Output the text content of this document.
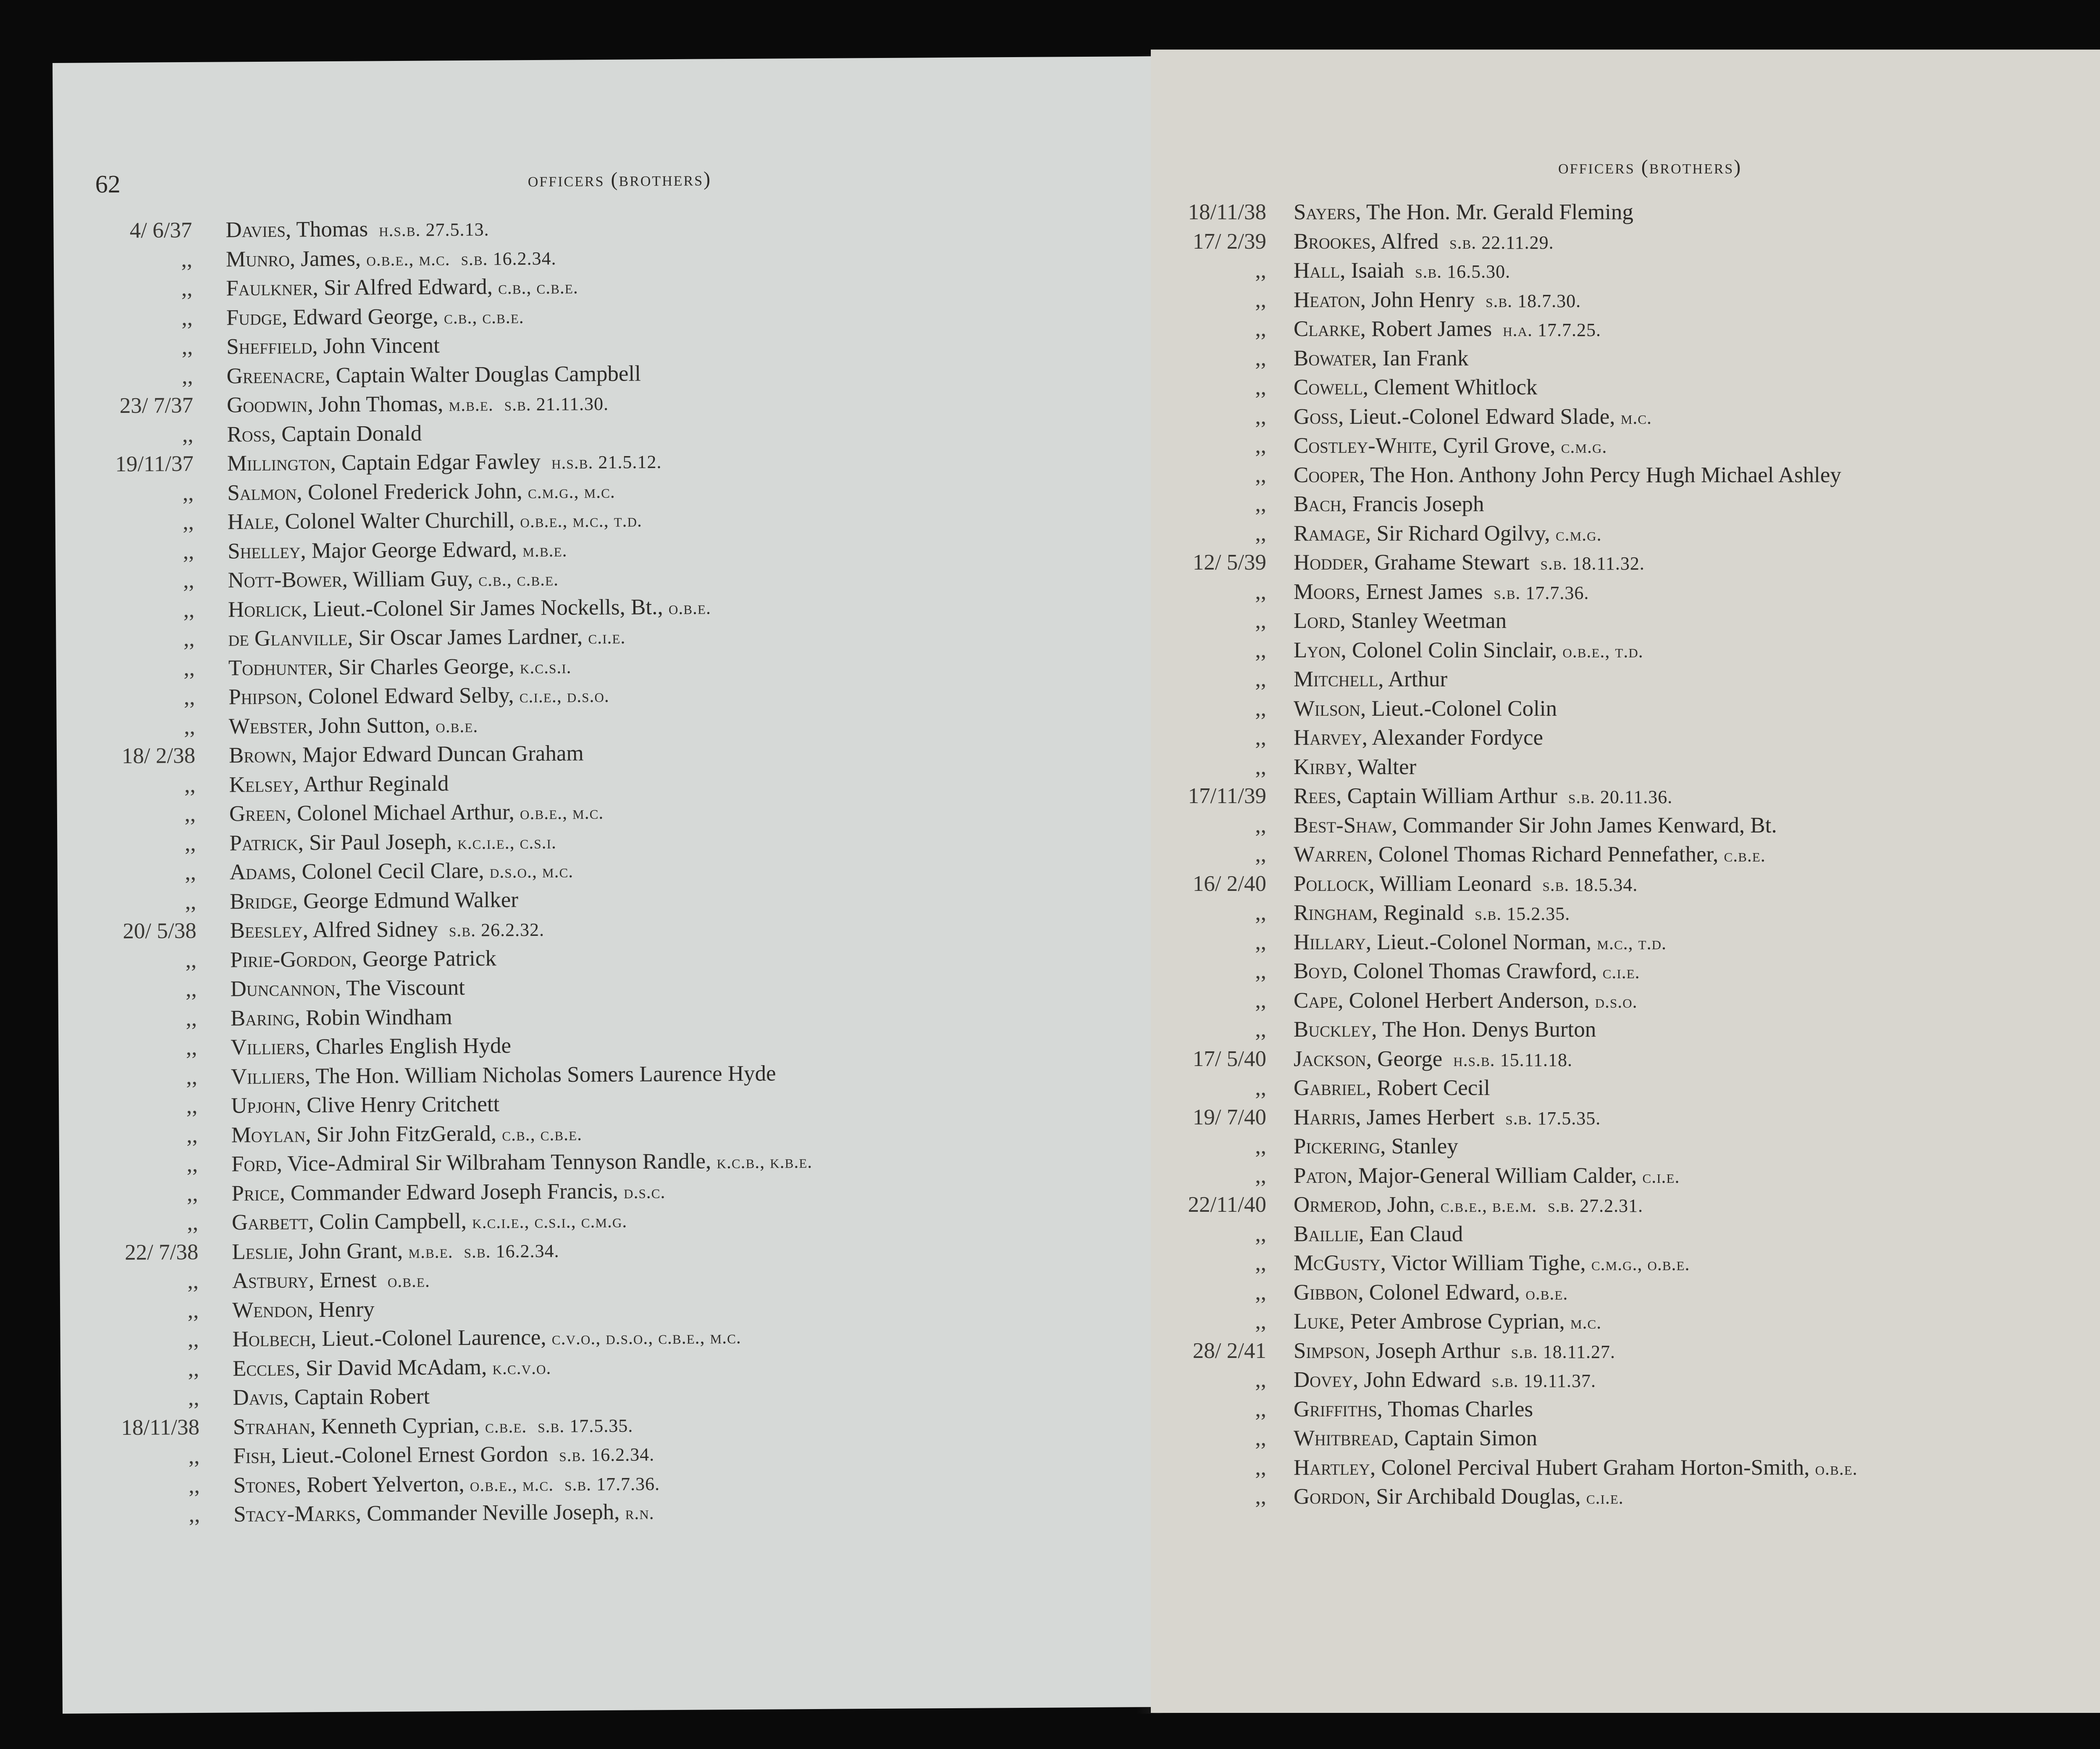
62	officers (brothers)
4/ 6/37 Davies, Thomas h.s.b. 27.5.13.
,, Munro, James, o.b.e., m.c. s.b. 16.2.34.
,, Faulkner, Sir Alfred Edward, c.b., c.b.e.
,, Fudge, Edward George, c.b., c.b.e.
,, Sheffield, John Vincent
,, Greenacre, Captain Walter Douglas Campbell
23/ 7/37 Goodwin, John Thomas, m.b.e. s.b. 21.11.30.
,, Ross, Captain Donald
19/11/37 Millington, Captain Edgar Fawley h.s.b. 21.5.12.
,, Salmon, Colonel Frederick John, c.m.g., m.c.
,, Hale, Colonel Walter Churchill, o.b.e., m.c., t.d.
,, Shelley, Major George Edward, m.b.e.
,, Nott-Bower, William Guy, c.b., c.b.e.
,, Horlick, Lieut.-Colonel Sir James Nockells, Bt., o.b.e.
,, de Glanville, Sir Oscar James Lardner, c.i.e.
,, Todhunter, Sir Charles George, k.c.s.i.
,, Phipson, Colonel Edward Selby, c.i.e., d.s.o.
,, Webster, John Sutton, o.b.e.
18/ 2/38 Brown, Major Edward Duncan Graham
,, Kelsey, Arthur Reginald
,, Green, Colonel Michael Arthur, o.b.e., m.c.
,, Patrick, Sir Paul Joseph, k.c.i.e., c.s.i.
,, Adams, Colonel Cecil Clare, d.s.o., m.c.
,, Bridge, George Edmund Walker
20/ 5/38 Beesley, Alfred Sidney s.b. 26.2.32.
,, Pirie-Gordon, George Patrick
,, Duncannon, The Viscount
,, Baring, Robin Windham
,, Villiers, Charles English Hyde
,, Villiers, The Hon. William Nicholas Somers Laurence Hyde
,, Upjohn, Clive Henry Critchett
,, Moylan, Sir John FitzGerald, c.b., c.b.e.
,, Ford, Vice-Admiral Sir Wilbraham Tennyson Randle, k.c.b., k.b.e.
,, Price, Commander Edward Joseph Francis, d.s.c.
,, Garbett, Colin Campbell, k.c.i.e., c.s.i., c.m.g.
22/ 7/38 Leslie, John Grant, m.b.e. s.b. 16.2.34.
,, Astbury, Ernest o.b.e.
,, Wendon, Henry
,, Holbech, Lieut.-Colonel Laurence, c.v.o., d.s.o., c.b.e., m.c.
,, Eccles, Sir David McAdam, k.c.v.o.
,, Davis, Captain Robert
18/11/38 Strahan, Kenneth Cyprian, c.b.e. s.b. 17.5.35.
,, Fish, Lieut.-Colonel Ernest Gordon s.b. 16.2.34.
,, Stones, Robert Yelverton, o.b.e., m.c. s.b. 17.7.36.
,, Stacy-Marks, Commander Neville Joseph, r.n.
officers (brothers)
18/11/38 Sayers, The Hon. Mr. Gerald Fleming
17/ 2/39 Brookes, Alfred s.b. 22.11.29.
,, Hall, Isaiah s.b. 16.5.30.
,, Heaton, John Henry s.b. 18.7.30.
,, Clarke, Robert James h.a. 17.7.25.
,, Bowater, Ian Frank
,, Cowell, Clement Whitlock
,, Goss, Lieut.-Colonel Edward Slade, m.c.
,, Costley-White, Cyril Grove, c.m.g.
,, Cooper, The Hon. Anthony John Percy Hugh Michael Ashley
,, Bach, Francis Joseph
,, Ramage, Sir Richard Ogilvy, c.m.g.
12/ 5/39 Hodder, Grahame Stewart s.b. 18.11.32.
,, Moors, Ernest James s.b. 17.7.36.
,, Lord, Stanley Weetman
,, Lyon, Colonel Colin Sinclair, o.b.e., t.d.
,, Mitchell, Arthur
,, Wilson, Lieut.-Colonel Colin
,, Harvey, Alexander Fordyce
,, Kirby, Walter
17/11/39 Rees, Captain William Arthur s.b. 20.11.36.
,, Best-Shaw, Commander Sir John James Kenward, Bt.
,, Warren, Colonel Thomas Richard Pennefather, c.b.e.
16/ 2/40 Pollock, William Leonard s.b. 18.5.34.
,, Ringham, Reginald s.b. 15.2.35.
,, Hillary, Lieut.-Colonel Norman, m.c., t.d.
,, Boyd, Colonel Thomas Crawford, c.i.e.
,, Cape, Colonel Herbert Anderson, d.s.o.
,, Buckley, The Hon. Denys Burton
17/ 5/40 Jackson, George h.s.b. 15.11.18.
,, Gabriel, Robert Cecil
19/ 7/40 Harris, James Herbert s.b. 17.5.35.
,, Pickering, Stanley
,, Paton, Major-General William Calder, c.i.e.
22/11/40 Ormerod, John, c.b.e., b.e.m. s.b. 27.2.31.
,, Baillie, Ean Claud
,, McGusty, Victor William Tighe, c.m.g., o.b.e.
,, Gibbon, Colonel Edward, o.b.e.
,, Luke, Peter Ambrose Cyprian, m.c.
28/ 2/41 Simpson, Joseph Arthur s.b. 18.11.27.
,, Dovey, John Edward s.b. 19.11.37.
,, Griffiths, Thomas Charles
,, Whitbread, Captain Simon
,, Hartley, Colonel Percival Hubert Graham Horton-Smith, o.b.e.
,, Gordon, Sir Archibald Douglas, c.i.e.
